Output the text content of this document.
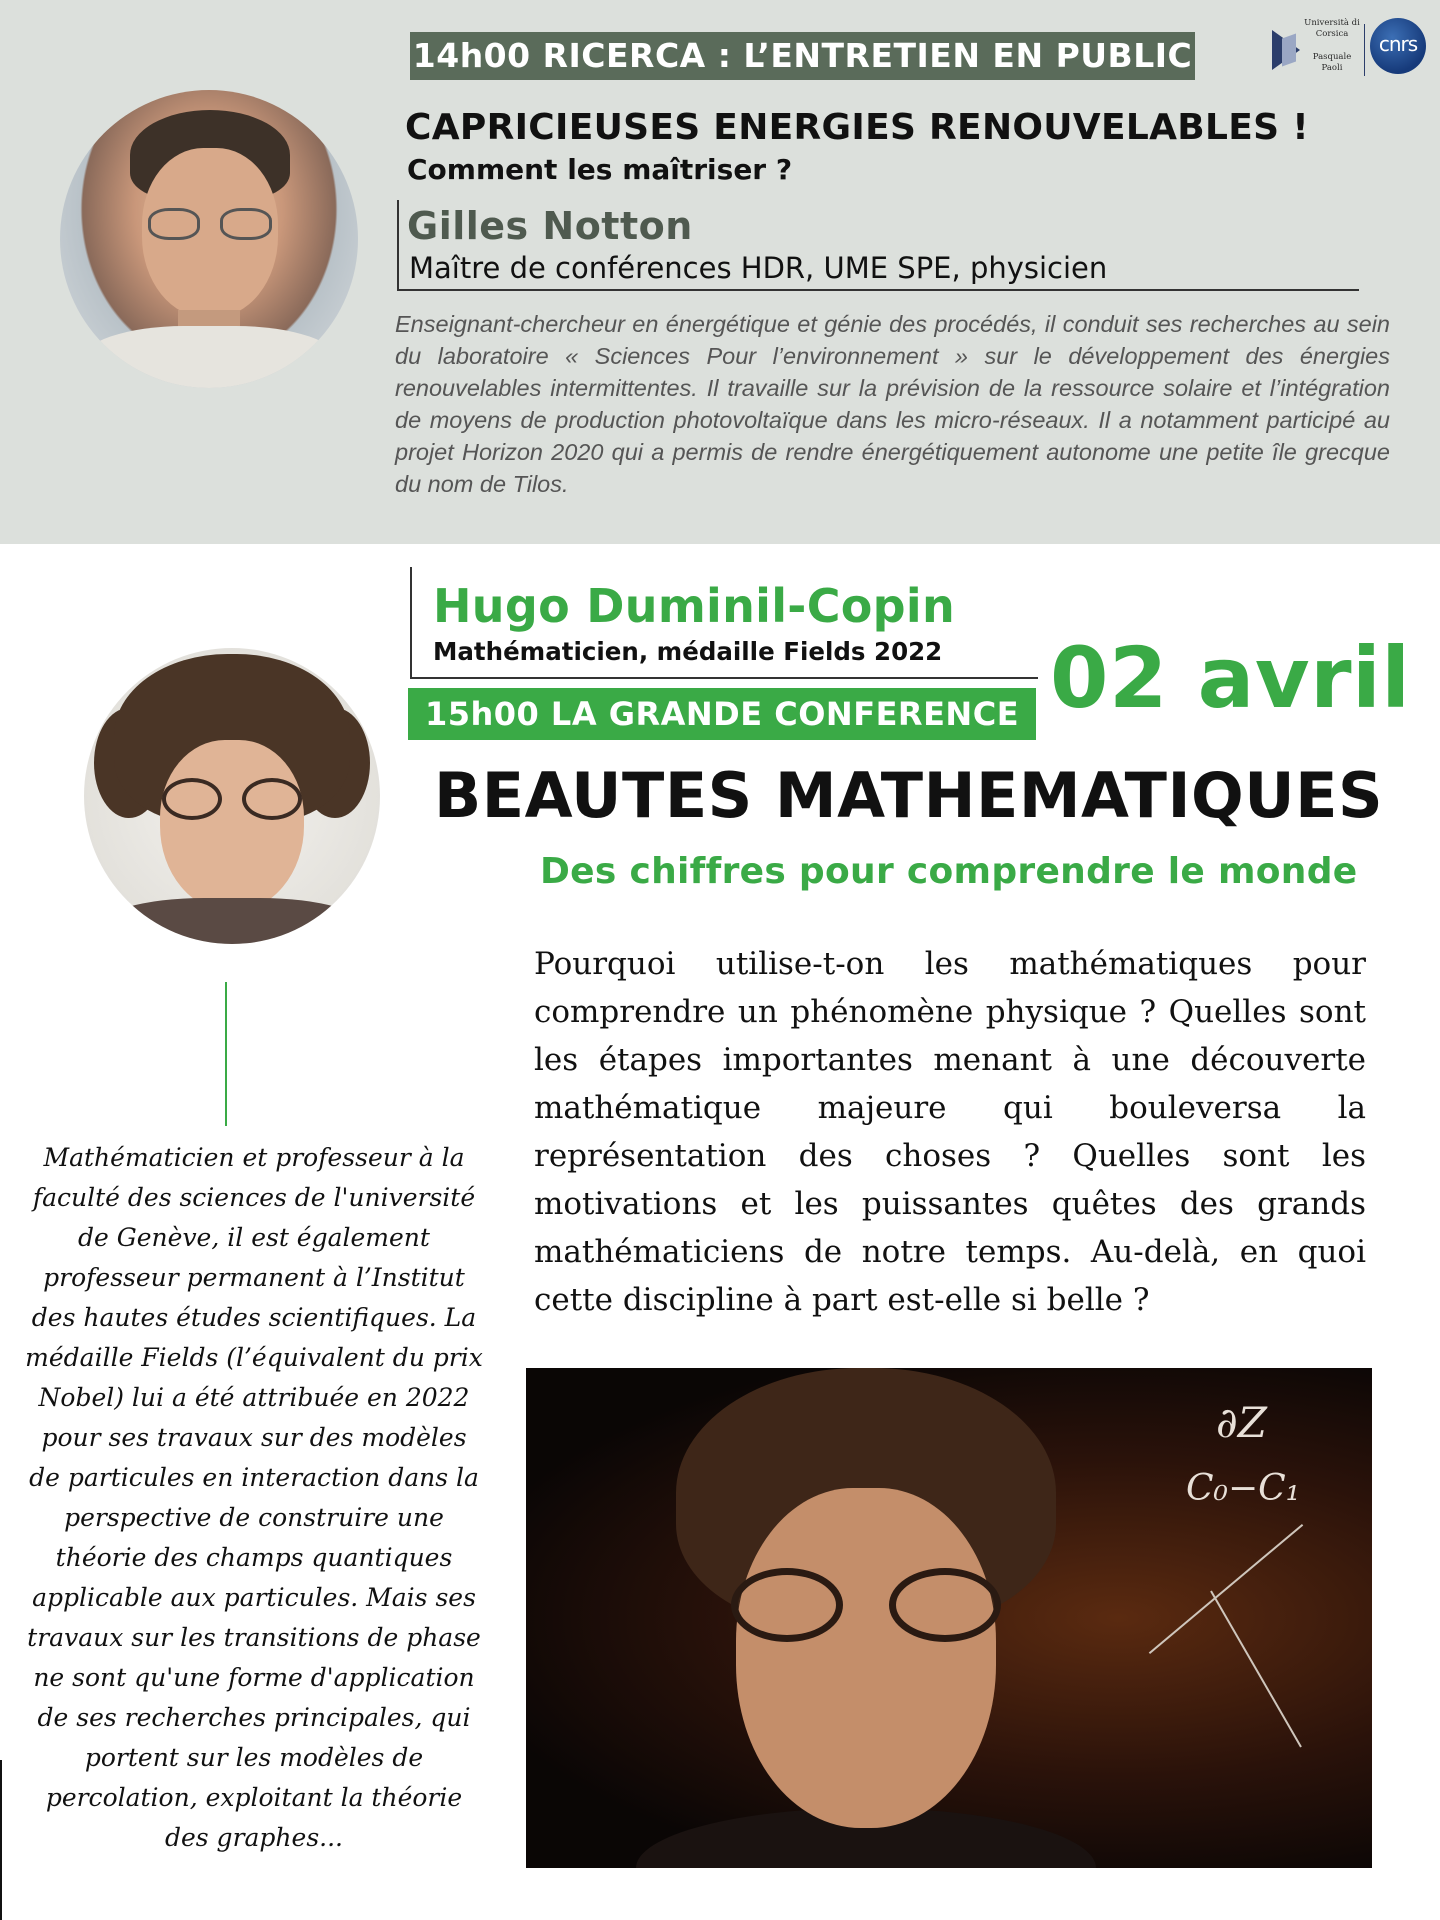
14h00 RICERCA : L’ENTRETIEN EN PUBLIC
Università di Corsica
Pasquale Paoli
cnrs
CAPRICIEUSES ENERGIES RENOUVELABLES !
Comment les maîtriser ?
Gilles Notton
Maître de conférences HDR, UME SPE, physicien

Enseignant-chercheur en énergétique et génie des procédés, il conduit ses recherches au sein du laboratoire « Sciences Pour l’environnement » sur le développement des énergies renouvelables intermittentes. Il travaille sur la prévision de la ressource solaire et l’intégration de moyens de production photovoltaïque dans les micro-réseaux. Il a notamment participé au projet Horizon 2020 qui a permis de rendre énergétiquement autonome une petite île grecque du nom de Tilos.

Hugo Duminil-Copin
Mathématicien, médaille Fields 2022 02 avril
15h00 LA GRANDE CONFERENCE
BEAUTES MATHEMATIQUES
Des chiffres pour comprendre le monde

Pourquoi utilise-t-on les mathématiques pour comprendre un phénomène physique ? Quelles sont les étapes importantes menant à une découverte mathématique majeure qui bouleversa la représentation des choses ? Quelles sont les motivations et les puissantes quêtes des grands mathématiciens de notre temps. Au-delà, en quoi cette discipline à part est-elle si belle ?

Mathématicien et professeur à la faculté des sciences de l'université de Genève, il est également professeur permanent à l’Institut des hautes études scientifiques. La médaille Fields (l’équivalent du prix Nobel) lui a été attribuée en 2022 pour ses travaux sur des modèles de particules en interaction dans la perspective de construire une théorie des champs quantiques applicable aux particules. Mais ses travaux sur les transitions de phase ne sont qu'une forme d'application de ses recherches principales, qui portent sur les modèles de percolation, exploitant la théorie des graphes...

∂Z
C₀−C₁
